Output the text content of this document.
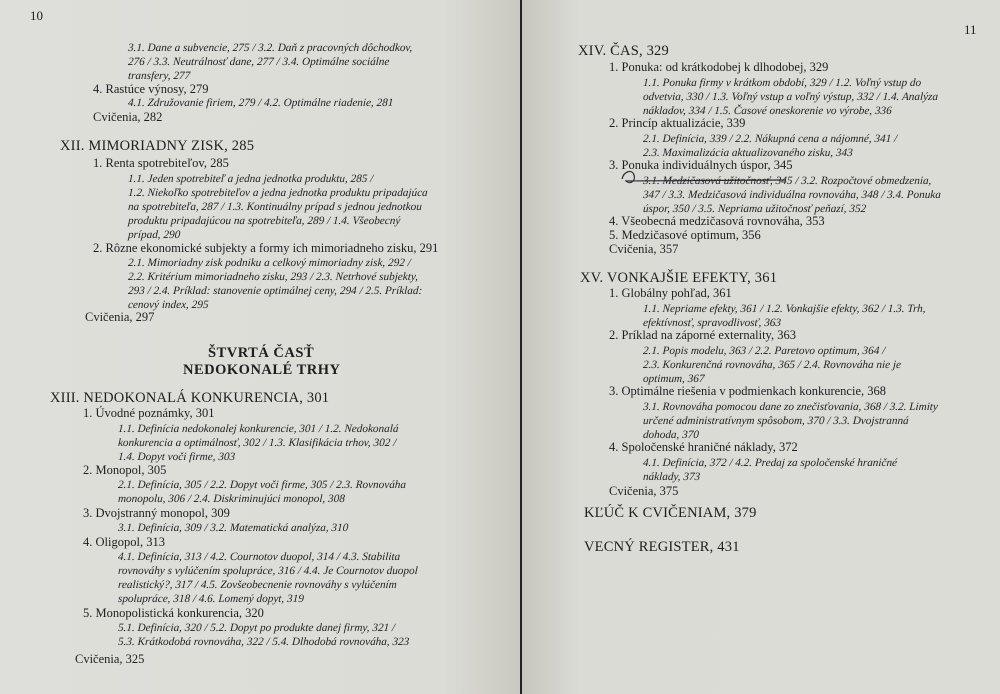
10
3.1. Dane a subvencie, 275 / 3.2. Daň z pracovných dôchodkov,
276 / 3.3. Neutrálnosť dane, 277 / 3.4. Optimálne sociálne
transfery, 277
4. Rastúce výnosy, 279
4.1. Združovanie firiem, 279 / 4.2. Optimálne riadenie, 281
Cvičenia, 282
XII. MIMORIADNY ZISK, 285
1. Renta spotrebiteľov, 285
1.1. Jeden spotrebiteľ a jedna jednotka produktu, 285 /
1.2. Niekoľko spotrebiteľov a jedna jednotka produktu pripadajúca
na spotrebiteľa, 287 / 1.3. Kontinuálny prípad s jednou jednotkou
produktu pripadajúcou na spotrebiteľa, 289 / 1.4. Všeobecný
prípad, 290
2. Rôzne ekonomické subjekty a formy ich mimoriadneho zisku, 291
2.1. Mimoriadny zisk podniku a celkový mimoriadny zisk, 292 /
2.2. Kritérium mimoriadneho zisku, 293 / 2.3. Netrhové subjekty,
293 / 2.4. Príklad: stanovenie optimálnej ceny, 294 / 2.5. Príklad:
cenový index, 295
Cvičenia, 297
ŠTVRTÁ ČASŤ
NEDOKONALÉ TRHY
XIII. NEDOKONALÁ KONKURENCIA, 301
1. Úvodné poznámky, 301
1.1. Definícia nedokonalej konkurencie, 301 / 1.2. Nedokonalá
konkurencia a optimálnosť, 302 / 1.3. Klasifikácia trhov, 302 /
1.4. Dopyt voči firme, 303
2. Monopol, 305
2.1. Definícia, 305 / 2.2. Dopyt voči firme, 305 / 2.3. Rovnováha
monopolu, 306 / 2.4. Diskriminujúci monopol, 308
3. Dvojstranný monopol, 309
3.1. Definícia, 309 / 3.2. Matematická analýza, 310
4. Oligopol, 313
4.1. Definícia, 313 / 4.2. Cournotov duopol, 314 / 4.3. Stabilita
rovnováhy s vylúčením spolupráce, 316 / 4.4. Je Cournotov duopol
realistický?, 317 / 4.5. Zovšeobecnenie rovnováhy s vylúčením
spolupráce, 318 / 4.6. Lomený dopyt, 319
5. Monopolistická konkurencia, 320
5.1. Definícia, 320 / 5.2. Dopyt po produkte danej firmy, 321 /
5.3. Krátkodobá rovnováha, 322 / 5.4. Dlhodobá rovnováha, 323
Cvičenia, 325
11
XIV. ČAS, 329
1. Ponuka: od krátkodobej k dlhodobej, 329
1.1. Ponuka firmy v krátkom období, 329 / 1.2. Voľný vstup do
odvetvia, 330 / 1.3. Voľný vstup a voľný výstup, 332 / 1.4. Analýza
nákladov, 334 / 1.5. Časové oneskorenie vo výrobe, 336
2. Princíp aktualizácie, 339
2.1. Definícia, 339 / 2.2. Nákupná cena a nájomné, 341 /
2.3. Maximalizácia aktualizovaného zisku, 343
3. Ponuka individuálnych úspor, 345
3.1. Medzičasová užitočnosť, 345 / 3.2. Rozpočtové obmedzenia,
347 / 3.3. Medzičasová individuálna rovnováha, 348 / 3.4. Ponuka
úspor, 350 / 3.5. Nepriama užitočnosť peňazí, 352
4. Všeobecná medzičasová rovnováha, 353
5. Medzičasové optimum, 356
Cvičenia, 357
XV. VONKAJŠIE EFEKTY, 361
1. Globálny pohľad, 361
1.1. Nepriame efekty, 361 / 1.2. Vonkajšie efekty, 362 / 1.3. Trh,
efektívnosť, spravodlivosť, 363
2. Príklad na záporné externality, 363
2.1. Popis modelu, 363 / 2.2. Paretovo optimum, 364 /
2.3. Konkurenčná rovnováha, 365 / 2.4. Rovnováha nie je
optimum, 367
3. Optimálne riešenia v podmienkach konkurencie, 368
3.1. Rovnováha pomocou dane zo znečisťovania, 368 / 3.2. Limity
určené administratívnym spôsobom, 370 / 3.3. Dvojstranná
dohoda, 370
4. Spoločenské hraničné náklady, 372
4.1. Definícia, 372 / 4.2. Predaj za spoločenské hraničné
náklady, 373
Cvičenia, 375
KĽÚČ K CVIČENIAM, 379
VECNÝ REGISTER, 431
